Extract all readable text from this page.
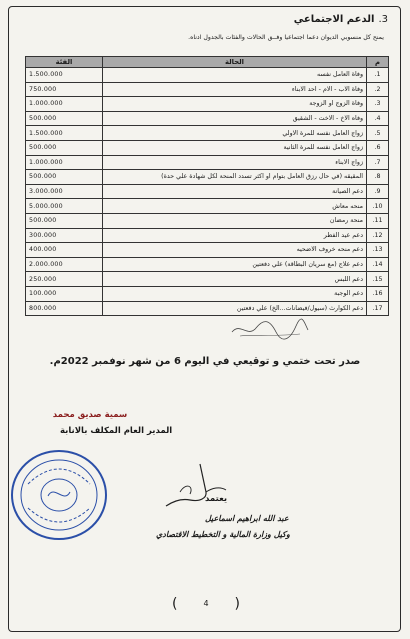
3.
الدعم الاجتماعي
يمنح كل منسوبي الديوان دعما اجتماعيا وفــق الحالات والفئات بالجدول ادناه.
م	الحالة	الفئة
1.	وفاة العامل نفسه	1.500.000
2.	وفاة الاب - الام - احد الابناء	750.000
3.	وفاة الزوج او الزوجة	1.000.000
4.	وفاه الاخ - الاخت - الشقيق	500.000
5.	زواج العامل نفسه للمرة الاولي	1.500.000
6.	زواج العامل نفسه للمرة الثانية	500.000
7.	زواج الابناء	1.000.000
8.	المقيقه (في حال رزق العامل بتوام او اكثر تسدد المنحة لكل شهادة علي حدة)	500.000
9.	دعم الصيانة	3.000.000
10.	منحه معاش	5.000.000
11.	منحة رمضان	500.000
12.	دعم عيد الفطر	300.000
13.	دعم منحه خروف الاضحيه	400.000
14.	دعم علاج (مع سريان البطاقة) علي دفعتين	2.000.000
15.	دعم اللبس	250.000
16.	دعم الوجبة	100.000
17.	دعم الكوارث (سيول/فيضانات...الخ) علي دفعتين	800.000
صدر تحت ختمي و توقيعي في اليوم 6 من شهر نوفمبر 2022م.
سمية صديق محمد
المدير العام المكلف بالانابة
يعتمد
عبد الله ابراهيم اسماعيل
وكيل وزارة المالية و التخطيط الاقتصادي
(	)
4
